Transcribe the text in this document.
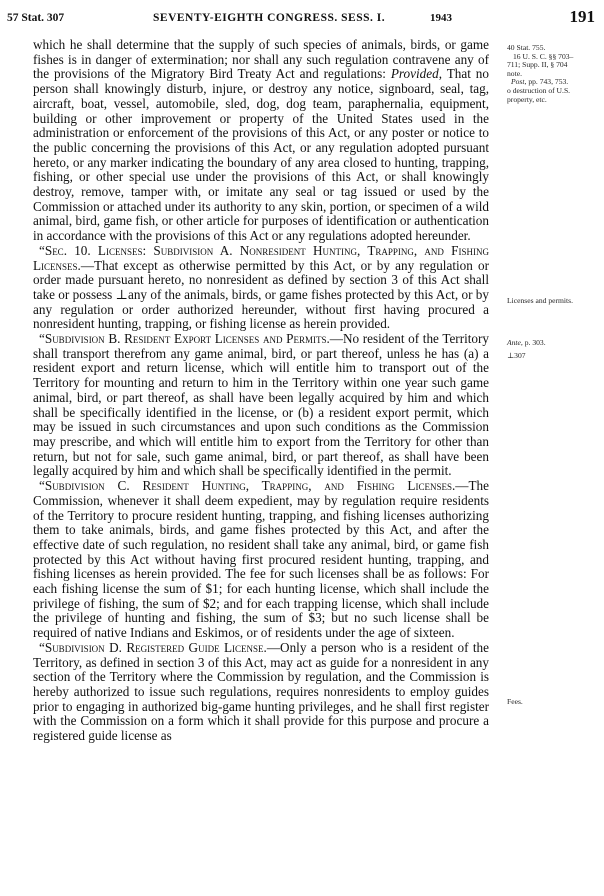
57 Stat. 307	SEVENTY-EIGHTH CONGRESS. SESS. I.	1943	191

which he shall determine that the supply of such species of animals, birds, or game fishes is in danger of extermination; nor shall any such regulation contravene any of the provisions of the Migratory Bird Treaty Act and regulations: Provided, That no person shall knowingly disturb, injure, or destroy any notice, signboard, seal, tag, aircraft, boat, vessel, automobile, sled, dog, dog team, paraphernalia, equipment, building or other improvement or property of the United States used in the administration or enforcement of the provisions of this Act, or any poster or notice to the public concerning the provisions of this Act, or any regulation adopted pursuant hereto, or any marker indicating the boundary of any area closed to hunting, trapping, fishing, or other special use under the provisions of this Act, or shall knowingly destroy, remove, tamper with, or imitate any seal or tag issued or used by the Commission or attached under its authority to any skin, portion, or specimen of a wild animal, bird, game fish, or other article for purposes of identification or authentication in accordance with the provisions of this Act or any regulations adopted hereunder.

“Sec. 10. Licenses: Subdivision A. Nonresident Hunting, Trapping, and Fishing Licenses.—That except as otherwise permitted by this Act, or by any regulation or order made pursuant hereto, no nonresident as defined by section 3 of this Act shall take or possess ⊥any of the animals, birds, or game fishes protected by this Act, or by any regulation or order authorized hereunder, without first having procured a nonresident hunting, trapping, or fishing license as herein provided.

“Subdivision B. Resident Export Licenses and Permits.—No resident of the Territory shall transport therefrom any game animal, bird, or part thereof, unless he has (a) a resident export and return license, which will entitle him to transport out of the Territory for mounting and return to him in the Territory within one year such game animal, bird, or part thereof, as shall have been legally acquired by him and which shall be specifically identified in the license, or (b) a resident export permit, which may be issued in such circumstances and upon such conditions as the Commission may prescribe, and which will entitle him to export from the Territory for other than return, but not for sale, such game animal, bird, or part thereof, as shall have been legally acquired by him and which shall be specifically identified in the permit.

“Subdivision C. Resident Hunting, Trapping, and Fishing Licenses.—The Commission, whenever it shall deem expedient, may by regulation require residents of the Territory to procure resident hunting, trapping, and fishing licenses authorizing them to take animals, birds, and game fishes protected by this Act, and after the effective date of such regulation, no resident shall take any animal, bird, or game fish protected by this Act without having first procured resident hunting, trapping, and fishing licenses as herein provided. The fee for such licenses shall be as follows: For each fishing license the sum of $1; for each hunting license, which shall include the privilege of fishing, the sum of $2; and for each trapping license, which shall include the privilege of hunting and fishing, the sum of $3; but no such license shall be required of native Indians and Eskimos, or of residents under the age of sixteen.

“Subdivision D. Registered Guide License.—Only a person who is a resident of the Territory, as defined in section 3 of this Act, may act as guide for a nonresident in any section of the Territory where the Commission by regulation, and the Commission is hereby authorized to issue such regulations, requires nonresidents to employ guides prior to engaging in authorized big-game hunting privileges, and he shall first register with the Commission on a form which it shall provide for this purpose and procure a registered guide license as

40 Stat. 755.
16 U. S. C. §§ 703–
711; Supp. II, § 704
note.
Post, pp. 743, 753.
o destruction of U.S.
property, etc.
Licenses and permits.
Ante, p. 303.
⊥307
Fees.
